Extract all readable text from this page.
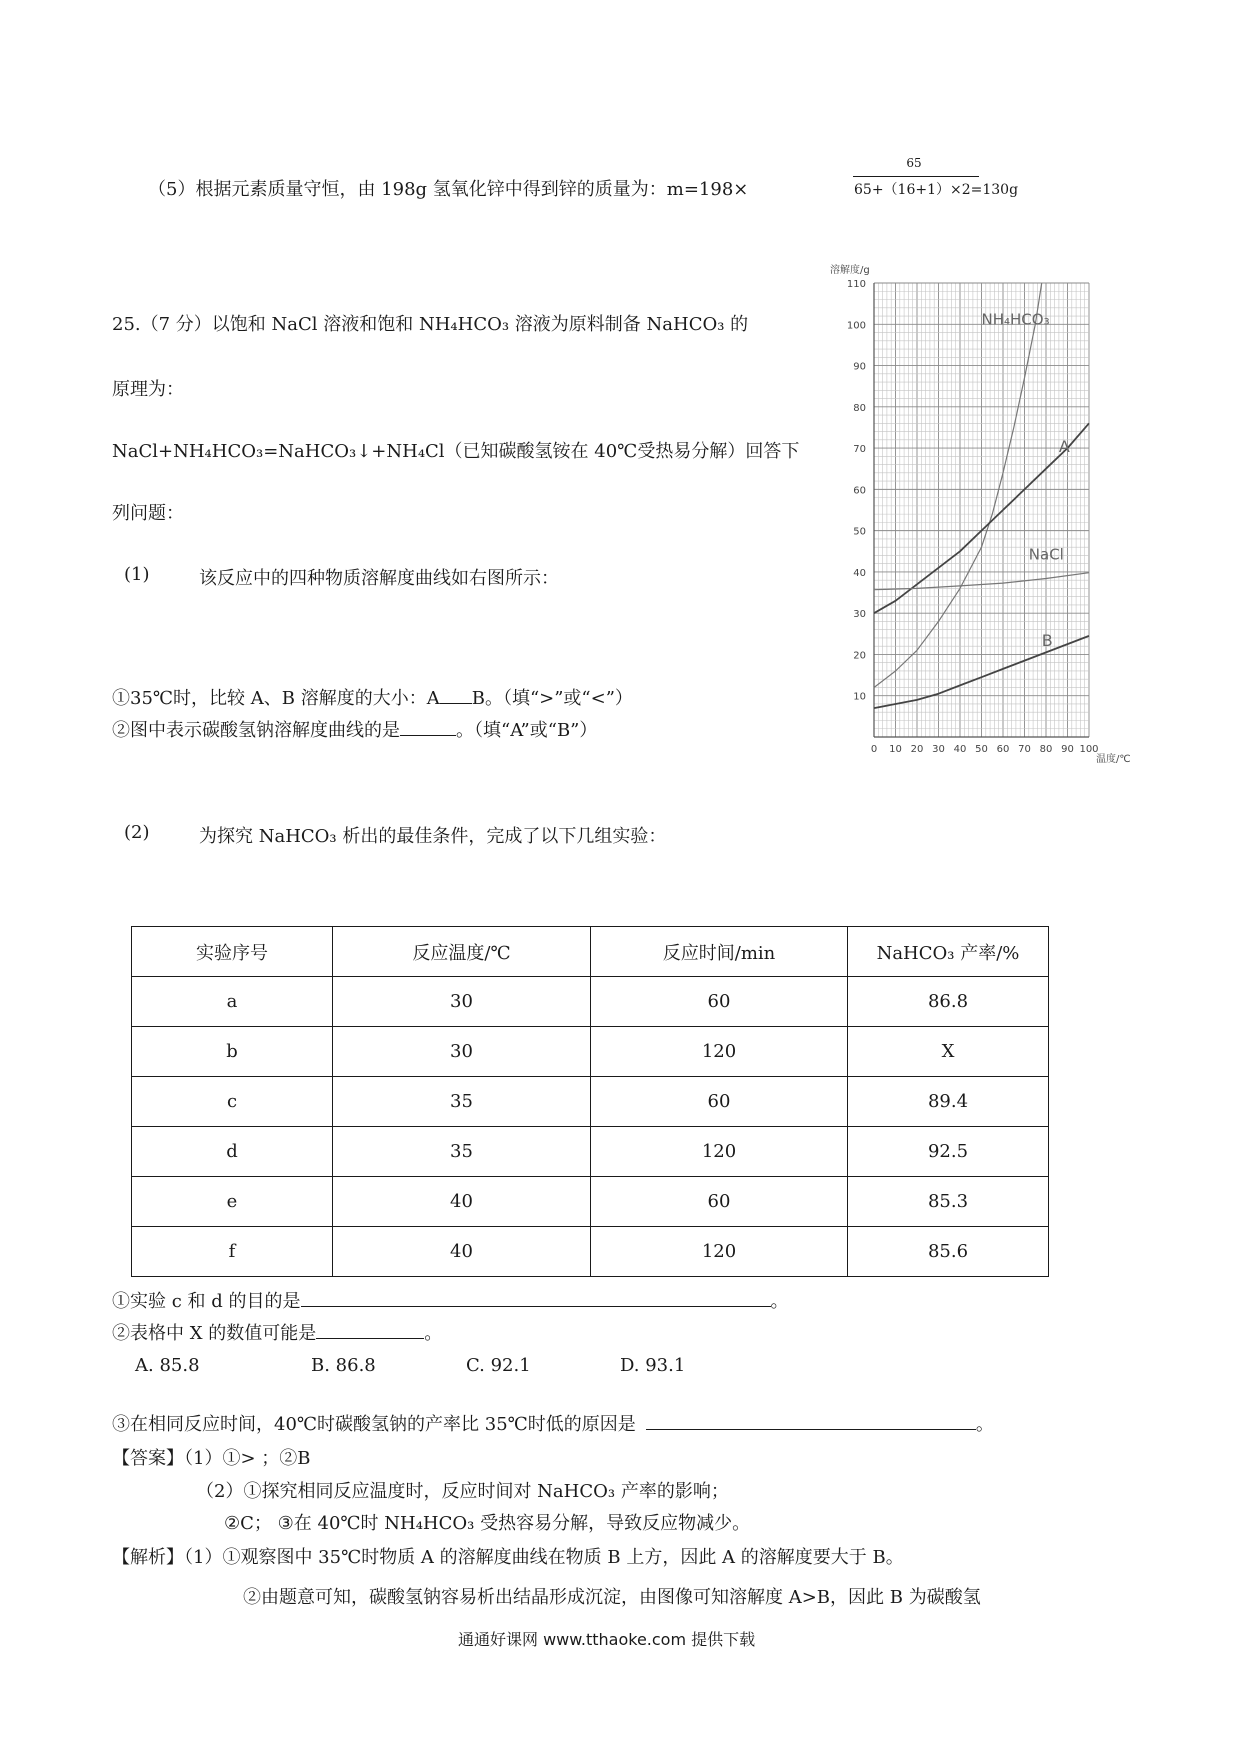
（5）根据元素质量守恒，由 198g 氢氧化锌中得到锌的质量为：m=198×
65
65+（16+1）×2=130g
25.（7 分）以饱和 NaCl 溶液和饱和 NH₄HCO₃ 溶液为原料制备 NaHCO₃ 的
原理为：
NaCl+NH₄HCO₃=NaHCO₃↓+NH₄Cl（已知碳酸氢铵在 40℃受热易分解）回答下
列问题：
(1)	该反应中的四种物质溶解度曲线如右图所示：
①35℃时，比较 A、B 溶解度的大小：A B。（填“>”或“<”）
②图中表示碳酸氢钠溶解度曲线的是	。（填“A”或“B”）
0 10 20 30 40 50 60 70 80 90 100
10
20
30
40
50
60
70
80
90
100
110
溶解度/g
温度/℃
NH₄HCO₃
A
NaCl
B
(2)	为探究 NaHCO₃ 析出的最佳条件，完成了以下几组实验：
实验序号	反应温度/℃	反应时间/min	NaHCO₃ 产率/%
a	30	60	86.8
b	30	120	X
c	35	60	89.4
d	35	120	92.5
e	40	60	85.3
f	40	120	85.6
①实验 c 和 d 的目的是	。
②表格中 X 的数值可能是	。
A. 85.8	B. 86.8	C. 92.1	D. 93.1
③在相同反应时间，40℃时碳酸氢钠的产率比 35℃时低的原因是	。
【答案】（1）①> ；②B
（2）①探究相同反应温度时，反应时间对 NaHCO₃ 产率的影响；
②C； ③在 40℃时 NH₄HCO₃ 受热容易分解，导致反应物减少。
【解析】（1）①观察图中 35℃时物质 A 的溶解度曲线在物质 B 上方，因此 A 的溶解度要大于 B。
②由题意可知，碳酸氢钠容易析出结晶形成沉淀，由图像可知溶解度 A>B，因此 B 为碳酸氢
通通好课网 www.tthaoke.com 提供下载
